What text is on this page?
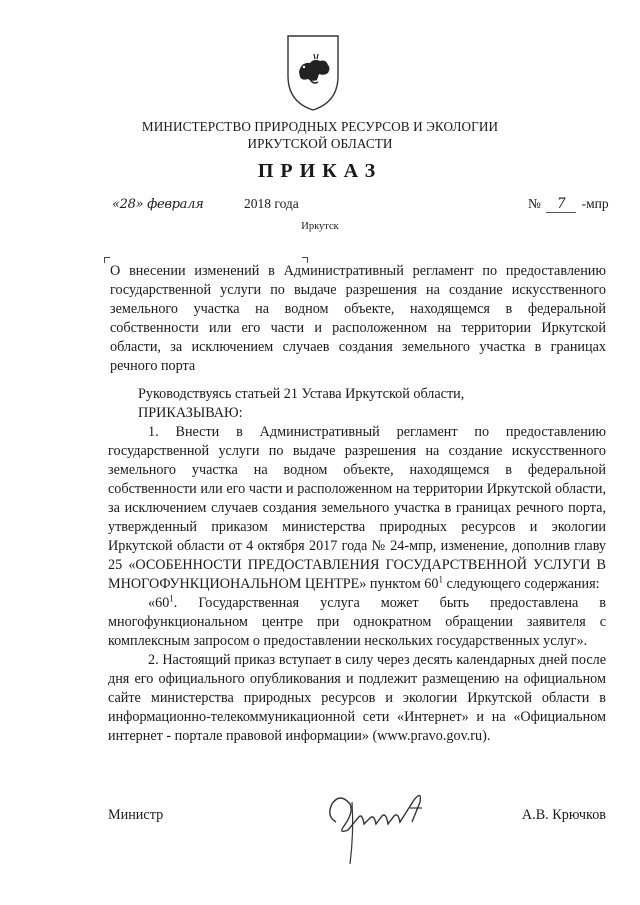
МИНИСТЕРСТВО ПРИРОДНЫХ РЕСУРСОВ И ЭКОЛОГИИ
ИРКУТСКОЙ ОБЛАСТИ
ПРИКАЗ
«28» февраля	2018 года	№ 7 -мпр
Иркутск
О внесении изменений в Административный регламент по предоставлению государственной услуги по выдаче разрешения на создание искусственного земельного участка на водном объекте, находящемся в федеральной собственности или его части и расположенном на территории Иркутской области, за исключением случаев создания земельного участка в границах речного порта

Руководствуясь статьей 21 Устава Иркутской области,

ПРИКАЗЫВАЮ:

1. Внести в Административный регламент по предоставлению государственной услуги по выдаче разрешения на создание искусственного земельного участка на водном объекте, находящемся в федеральной собственности или его части и расположенном на территории Иркутской области, за исключением случаев создания земельного участка в границах речного порта, утвержденный приказом министерства природных ресурсов и экологии Иркутской области от 4 октября 2017 года № 24-мпр, изменение, дополнив главу 25 «ОСОБЕННОСТИ ПРЕДОСТАВЛЕНИЯ ГОСУДАРСТВЕННОЙ УСЛУГИ В МНОГОФУНКЦИОНАЛЬНОМ ЦЕНТРЕ» пунктом $60^1$ следующего содержания:

«$60^1$. Государственная услуга может быть предоставлена в многофункциональном центре при однократном обращении заявителя с комплексным запросом о предоставлении нескольких государственных услуг».

2. Настоящий приказ вступает в силу через десять календарных дней после дня его официального опубликования и подлежит размещению на официальном сайте министерства природных ресурсов и экологии Иркутской области в информационно-телекоммуникационной сети «Интернет» и на «Официальном интернет - портале правовой информации» (www.pravo.gov.ru).

Министр	А.В. Крючков
